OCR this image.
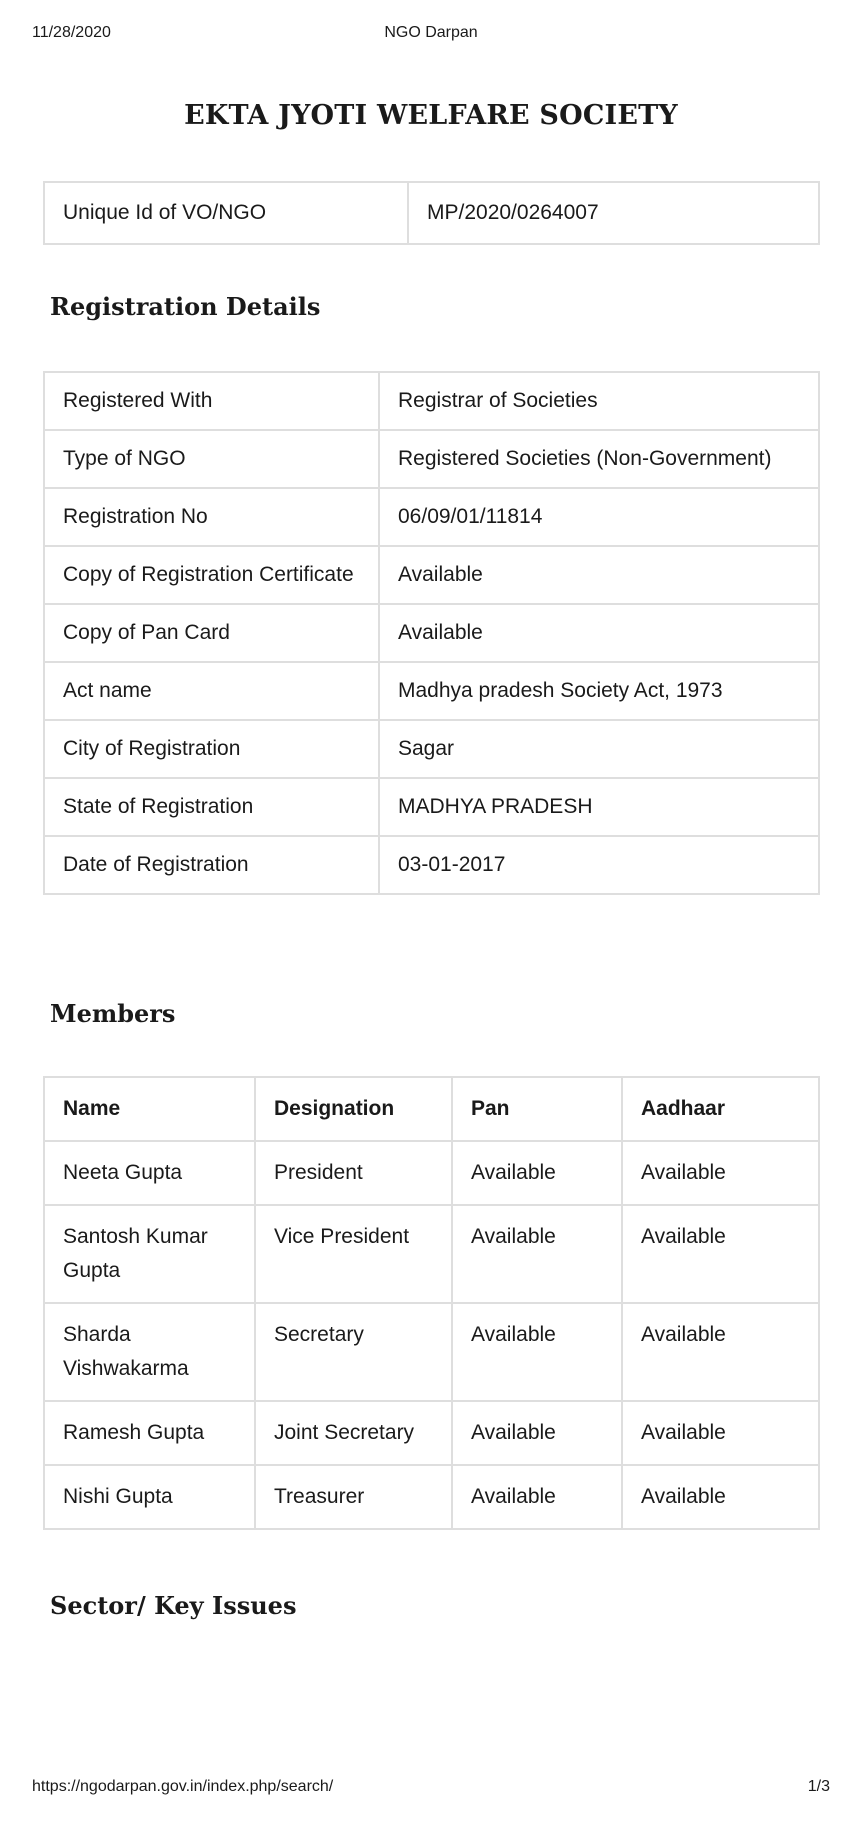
11/28/2020	NGO Darpan
EKTA JYOTI WELFARE SOCIETY
Unique Id of VO/NGO	MP/2020/0264007
Registration Details
Registered With	Registrar of Societies
Type of NGO	Registered Societies (Non-Government)
Registration No	06/09/01/11814
Copy of Registration Certificate	Available
Copy of Pan Card	Available
Act name	Madhya pradesh Society Act, 1973
City of Registration	Sagar
State of Registration	MADHYA PRADESH
Date of Registration	03-01-2017
Members
Name	Designation	Pan	Aadhaar
Neeta Gupta	President	Available	Available
Santosh Kumar Gupta	Vice President	Available	Available
Sharda Vishwakarma	Secretary	Available	Available
Ramesh Gupta	Joint Secretary	Available	Available
Nishi Gupta	Treasurer	Available	Available
Sector/ Key Issues
https://ngodarpan.gov.in/index.php/search/	1/3
